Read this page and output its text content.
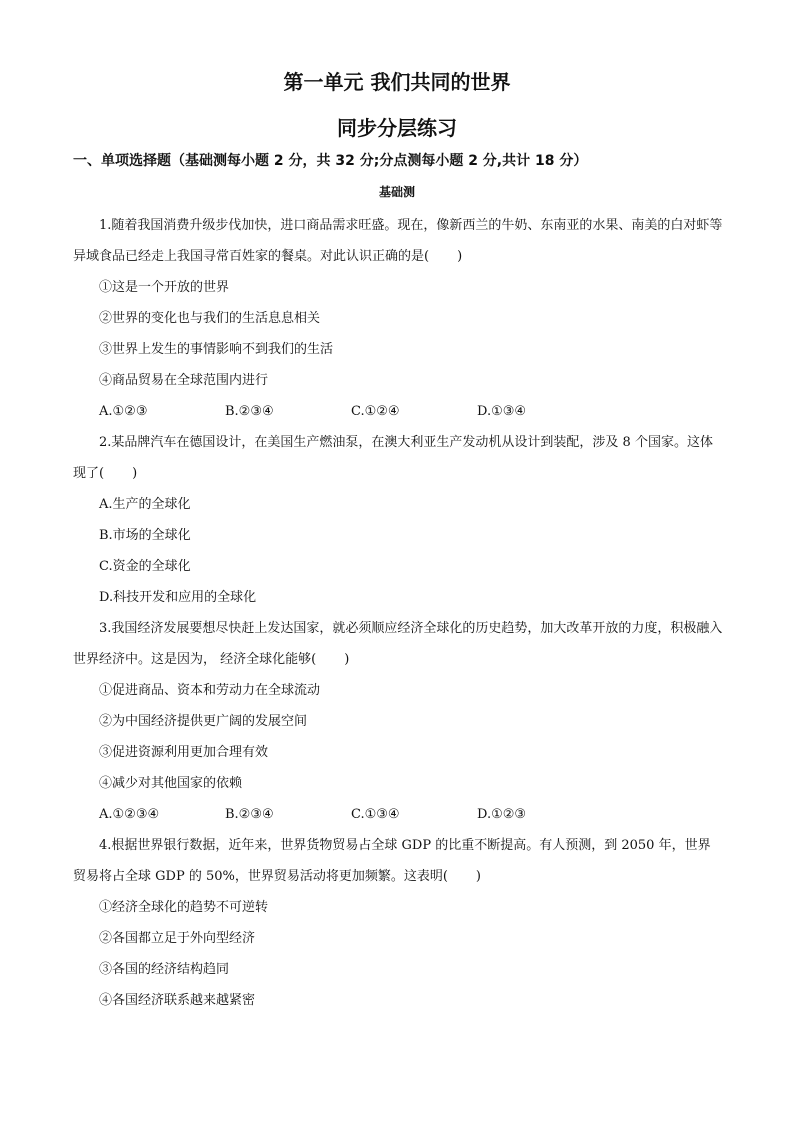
第一单元 我们共同的世界
同步分层练习
一、单项选择题（基础测每小题 2 分，共 32 分;分点测每小题 2 分,共计 18 分）
基础测

1.随着我国消费升级步伐加快，进口商品需求旺盛。现在，像新西兰的牛奶、东南亚的水果、南美的白对虾等异域食品已经走上我国寻常百姓家的餐桌。对此认识正确的是( )

①这是一个开放的世界

②世界的变化也与我们的生活息息相关

③世界上发生的事情影响不到我们的生活

④商品贸易在全球范围内进行

A.①②③	B.②③④	C.①②④	D.①③④

2.某品牌汽车在德国设计，在美国生产燃油泵，在澳大利亚生产发动机从设计到装配，涉及 8 个国家。这体现了( )

A.生产的全球化

B.市场的全球化

C.资金的全球化

D.科技开发和应用的全球化

3.我国经济发展要想尽快赶上发达国家，就必须顺应经济全球化的历史趋势，加大改革开放的力度，积极融入世界经济中。这是因为， 经济全球化能够( )

①促进商品、资本和劳动力在全球流动

②为中国经济提供更广阔的发展空间

③促进资源利用更加合理有效

④减少对其他国家的依赖

A.①②③④	B.②③④	C.①③④	D.①②③

4.根据世界银行数据，近年来，世界货物贸易占全球 GDP 的比重不断提高。有人预测，到 2050 年，世界贸易将占全球 GDP 的 50%，世界贸易活动将更加频繁。这表明( )

①经济全球化的趋势不可逆转

②各国都立足于外向型经济

③各国的经济结构趋同

④各国经济联系越来越紧密
